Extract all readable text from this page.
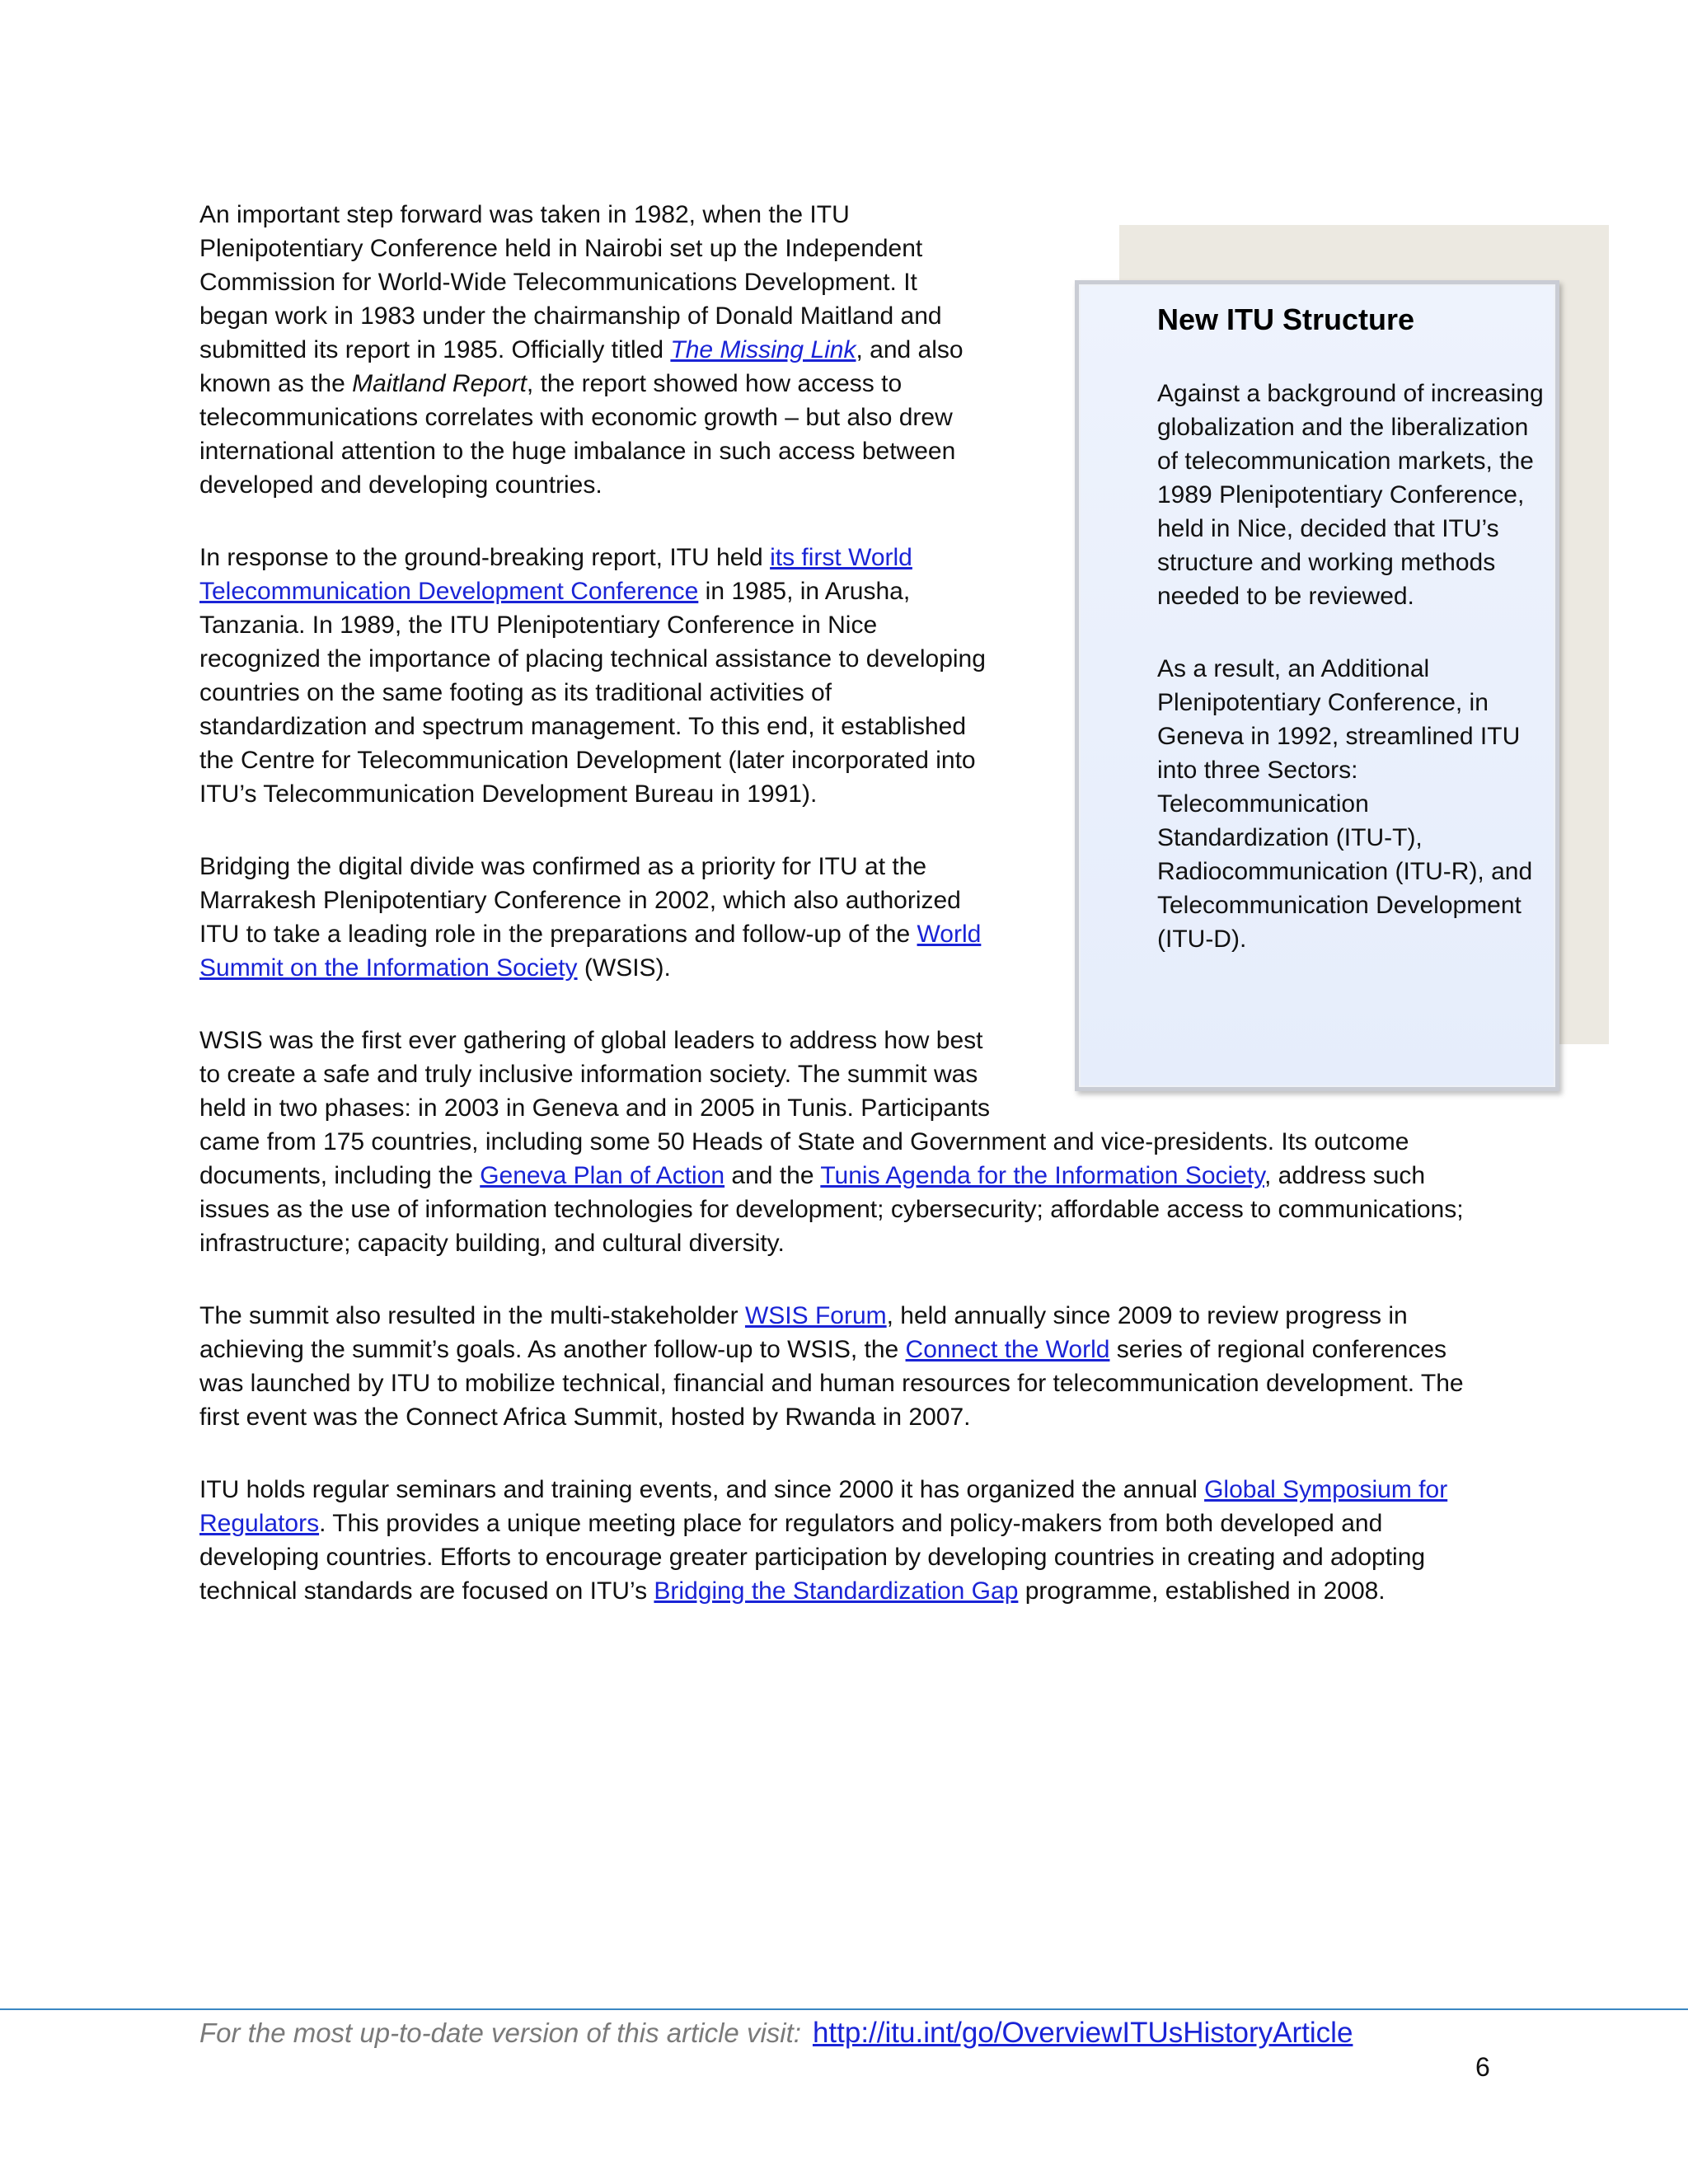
New ITU Structure

Against a background of increasing globalization and the liberalization of telecommunication markets, the 1989 Plenipotentiary Conference, held in Nice, decided that ITU’s structure and working methods needed to be reviewed.

As a result, an Additional Plenipotentiary Conference, in Geneva in 1992, streamlined ITU into three Sectors: Telecommunication Standardization (ITU-T), Radiocommunication (ITU-R), and Telecommunication Development (ITU-D).

An important step forward was taken in 1982, when the ITU Plenipotentiary Conference held in Nairobi set up the Independent Commission for World-Wide Telecommunications Development. It began work in 1983 under the chairmanship of Donald Maitland and submitted its report in 1985. Officially titled The Missing Link, and also known as the Maitland Report, the report showed how access to telecommunications correlates with economic growth – but also drew international attention to the huge imbalance in such access between developed and developing countries.

In response to the ground-breaking report, ITU held its first World Telecommunication Development Conference in 1985, in Arusha, Tanzania. In 1989, the ITU Plenipotentiary Conference in Nice recognized the importance of placing technical assistance to developing countries on the same footing as its traditional activities of standardization and spectrum management. To this end, it established the Centre for Telecommunication Development (later incorporated into ITU’s Telecommunication Development Bureau in 1991).

Bridging the digital divide was confirmed as a priority for ITU at the Marrakesh Plenipotentiary Conference in 2002, which also authorized ITU to take a leading role in the preparations and follow-up of the World Summit on the Information Society (WSIS).

WSIS was the first ever gathering of global leaders to address how best to create a safe and truly inclusive information society. The summit was held in two phases: in 2003 in Geneva and in 2005 in Tunis. Participants came from 175 countries, including some 50 Heads of State and Government and vice-presidents. Its outcome documents, including the Geneva Plan of Action and the Tunis Agenda for the Information Society, address such issues as the use of information technologies for development; cybersecurity; affordable access to communications; infrastructure; capacity building, and cultural diversity.

The summit also resulted in the multi-stakeholder WSIS Forum, held annually since 2009 to review progress in achieving the summit’s goals. As another follow-up to WSIS, the Connect the World series of regional conferences was launched by ITU to mobilize technical, financial and human resources for telecommunication development. The first event was the Connect Africa Summit, hosted by Rwanda in 2007.

ITU holds regular seminars and training events, and since 2000 it has organized the annual Global Symposium for Regulators. This provides a unique meeting place for regulators and policy-makers from both developed and developing countries. Efforts to encourage greater participation by developing countries in creating and adopting technical standards are focused on ITU’s Bridging the Standardization Gap programme, established in 2008.

For the most up-to-date version of this article visit: http://itu.int/go/OverviewITUsHistoryArticle
6
